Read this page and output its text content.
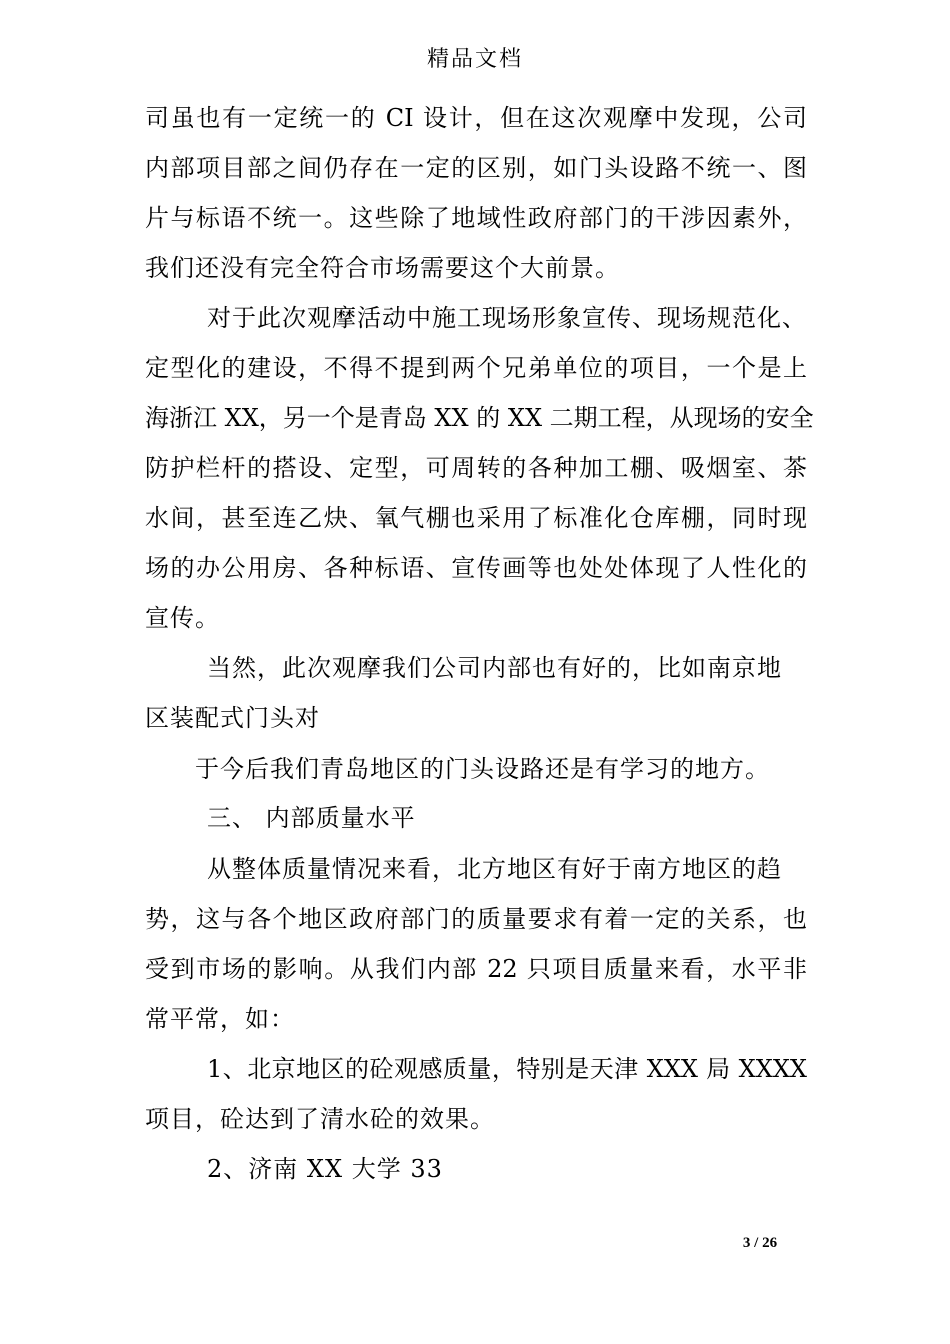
精品文档
司虽也有一定统一的 CI 设计，但在这次观摩中发现，公司
内部项目部之间仍存在一定的区别，如门头设路不统一、图
片与标语不统一。这些除了地域性政府部门的干涉因素外，
我们还没有完全符合市场需要这个大前景。
对于此次观摩活动中施工现场形象宣传、现场规范化、
定型化的建设，不得不提到两个兄弟单位的项目，一个是上
海浙江 XX，另一个是青岛 XX 的 XX 二期工程，从现场的安全
防护栏杆的搭设、定型，可周转的各种加工棚、吸烟室、茶
水间，甚至连乙炔、氧气棚也采用了标准化仓库棚，同时现
场的办公用房、各种标语、宣传画等也处处体现了人性化的
宣传。
当然，此次观摩我们公司内部也有好的，比如南京地
区装配式门头对
于今后我们青岛地区的门头设路还是有学习的地方。
三、 内部质量水平
从整体质量情况来看，北方地区有好于南方地区的趋
势，这与各个地区政府部门的质量要求有着一定的关系，也
受到市场的影响。从我们内部 22 只项目质量来看，水平非
常平常，如：
1、北京地区的砼观感质量，特别是天津 XXX 局 XXXX
项目，砼达到了清水砼的效果。
2、济南 XX 大学 33
3 / 26
